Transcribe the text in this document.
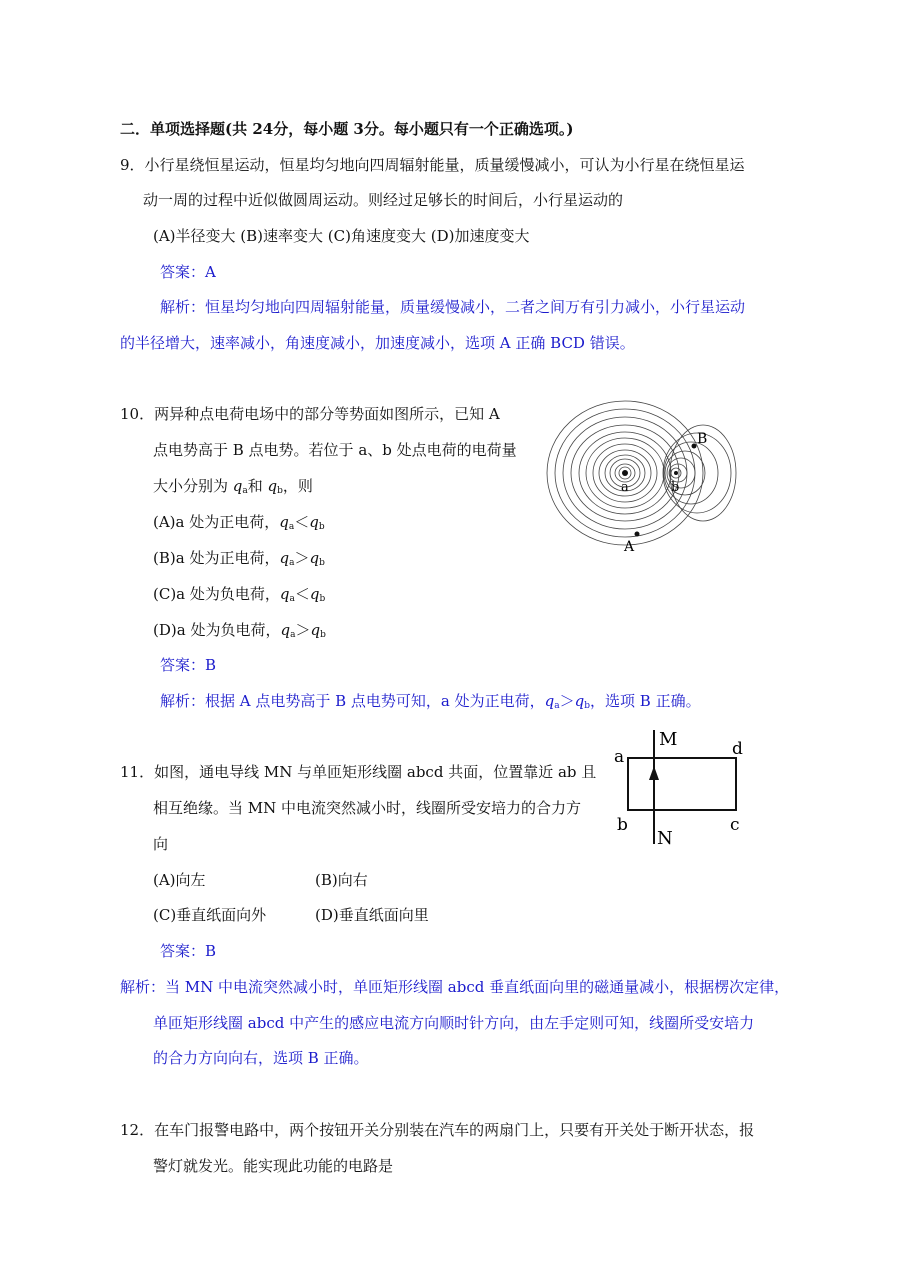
二．单项选择题(共 24分，每小题 3分。每小题只有一个正确选项。)
9．小行星绕恒星运动，恒星均匀地向四周辐射能量，质量缓慢减小，可认为小行星在绕恒星运
动一周的过程中近似做圆周运动。则经过足够长的时间后，小行星运动的
(A)半径变大 (B)速率变大 (C)角速度变大 (D)加速度变大
答案：A
解析：恒星均匀地向四周辐射能量，质量缓慢减小，二者之间万有引力减小，小行星运动
的半径增大，速率减小，角速度减小，加速度减小，选项 A 正确 BCD 错误。
10．两异种点电荷电场中的部分等势面如图所示，已知 A
点电势高于 B 点电势。若位于 a、b 处点电荷的电荷量
大小分别为 $q_a$和 $q_b$，则
(A)a 处为正电荷，$q_a<q_b$
(B)a 处为正电荷，$q_a>q_b$
(C)a 处为负电荷，$q_a<q_b$
(D)a 处为负电荷，$q_a>q_b$
答案：B
解析：根据 A 点电势高于 B 点电势可知，a 处为正电荷，$q_a>q_b$，选项 B 正确。
a	b
B
A
11．如图，通电导线 MN 与单匝矩形线圈 abcd 共面，位置靠近 ab 且
相互绝缘。当 MN 中电流突然减小时，线圈所受安培力的合力方
向
(A)向左	(B)向右
(C)垂直纸面向外	(D)垂直纸面向里
答案：B
解析：当 MN 中电流突然减小时，单匝矩形线圈 abcd 垂直纸面向里的磁通量减小，根据楞次定律，
单匝矩形线圈 abcd 中产生的感应电流方向顺时针方向，由左手定则可知，线圈所受安培力
的合力方向向右，选项 B 正确。
M
N
a	d
b	c
12．在车门报警电路中，两个按钮开关分别装在汽车的两扇门上，只要有开关处于断开状态，报
警灯就发光。能实现此功能的电路是
